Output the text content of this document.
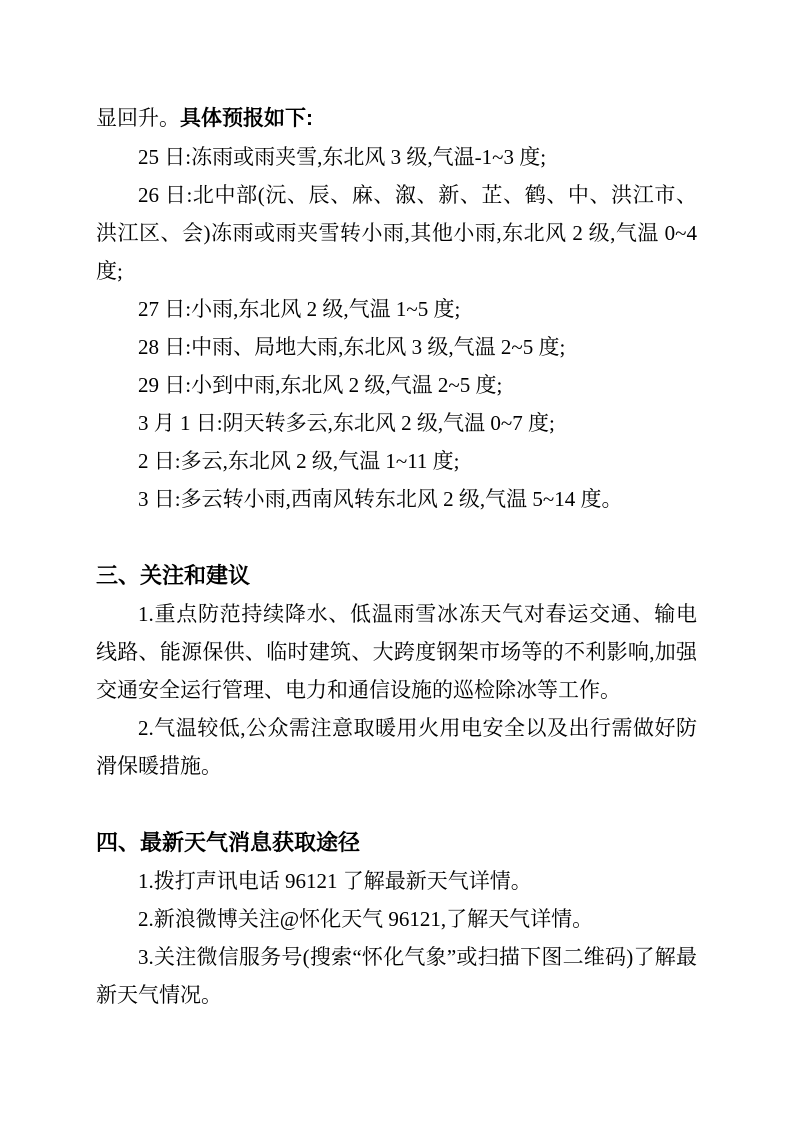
显回升。具体预报如下:

25 日:冻雨或雨夹雪,东北风 3 级,气温-1~3 度;

26 日:北中部(沅、辰、麻、溆、新、芷、鹤、中、洪江市、洪江区、会)冻雨或雨夹雪转小雨,其他小雨,东北风 2 级,气温 0~4 度;

27 日:小雨,东北风 2 级,气温 1~5 度;

28 日:中雨、局地大雨,东北风 3 级,气温 2~5 度;

29 日:小到中雨,东北风 2 级,气温 2~5 度;

3 月 1 日:阴天转多云,东北风 2 级,气温 0~7 度;

2 日:多云,东北风 2 级,气温 1~11 度;

3 日:多云转小雨,西南风转东北风 2 级,气温 5~14 度。

三、关注和建议

1.重点防范持续降水、低温雨雪冰冻天气对春运交通、输电线路、能源保供、临时建筑、大跨度钢架市场等的不利影响,加强交通安全运行管理、电力和通信设施的巡检除冰等工作。

2.气温较低,公众需注意取暖用火用电安全以及出行需做好防滑保暖措施。

四、最新天气消息获取途径

1.拨打声讯电话 96121 了解最新天气详情。

2.新浪微博关注@怀化天气 96121,了解天气详情。

3.关注微信服务号(搜索“怀化气象”或扫描下图二维码)了解最新天气情况。
